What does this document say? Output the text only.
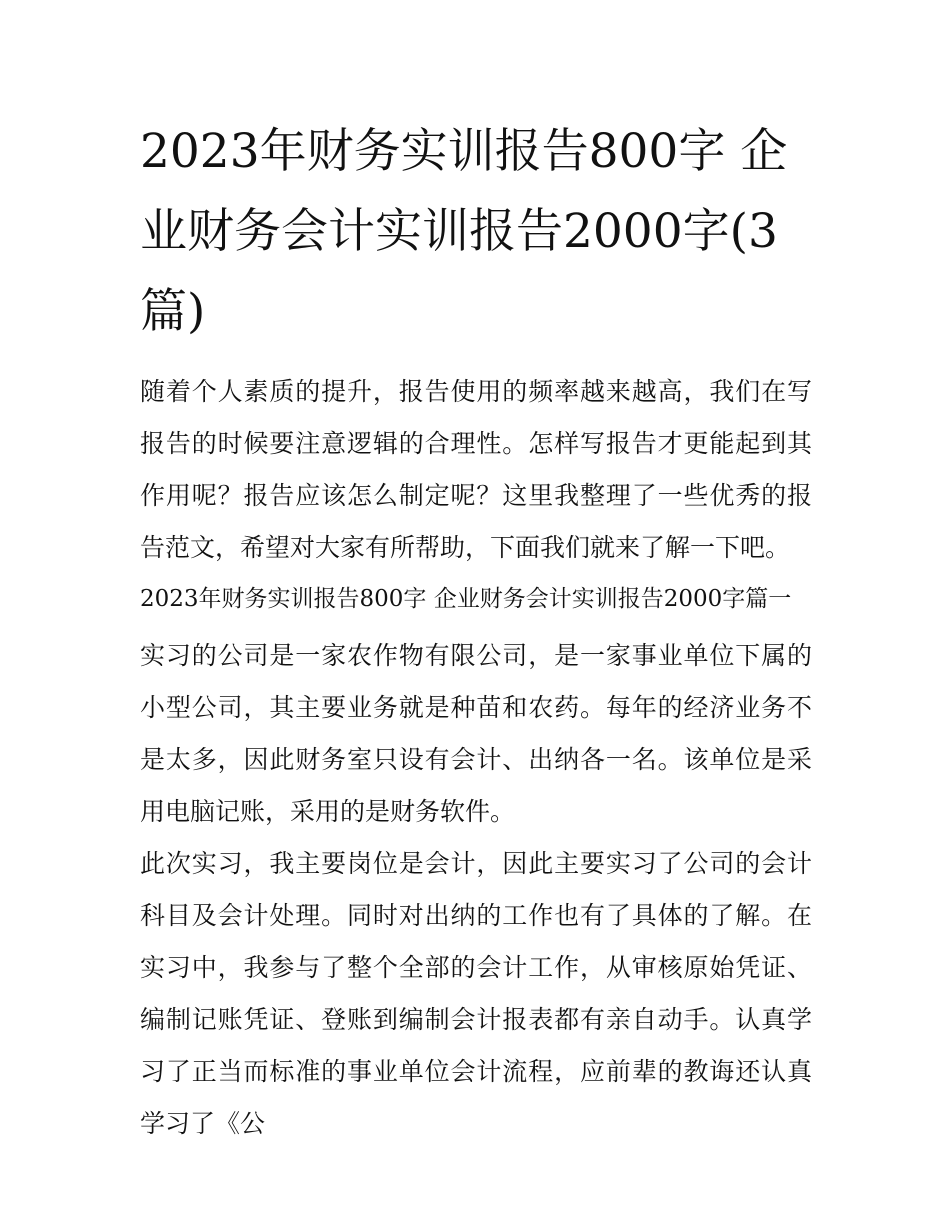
2023年财务实训报告800字 企业财务会计实训报告2000字(3篇)

随着个人素质的提升，报告使用的频率越来越高，我们在写报告的时候要注意逻辑的合理性。怎样写报告才更能起到其作用呢？报告应该怎么制定呢？这里我整理了一些优秀的报告范文，希望对大家有所帮助，下面我们就来了解一下吧。

2023年财务实训报告800字 企业财务会计实训报告2000字篇一

实习的公司是一家农作物有限公司，是一家事业单位下属的小型公司，其主要业务就是种苗和农药。每年的经济业务不是太多，因此财务室只设有会计、出纳各一名。该单位是采用电脑记账，采用的是财务软件。

此次实习，我主要岗位是会计，因此主要实习了公司的会计科目及会计处理。同时对出纳的工作也有了具体的了解。在实习中，我参与了整个全部的会计工作，从审核原始凭证、编制记账凭证、登账到编制会计报表都有亲自动手。认真学习了正当而标准的事业单位会计流程，应前辈的教诲还认真学习了《公
